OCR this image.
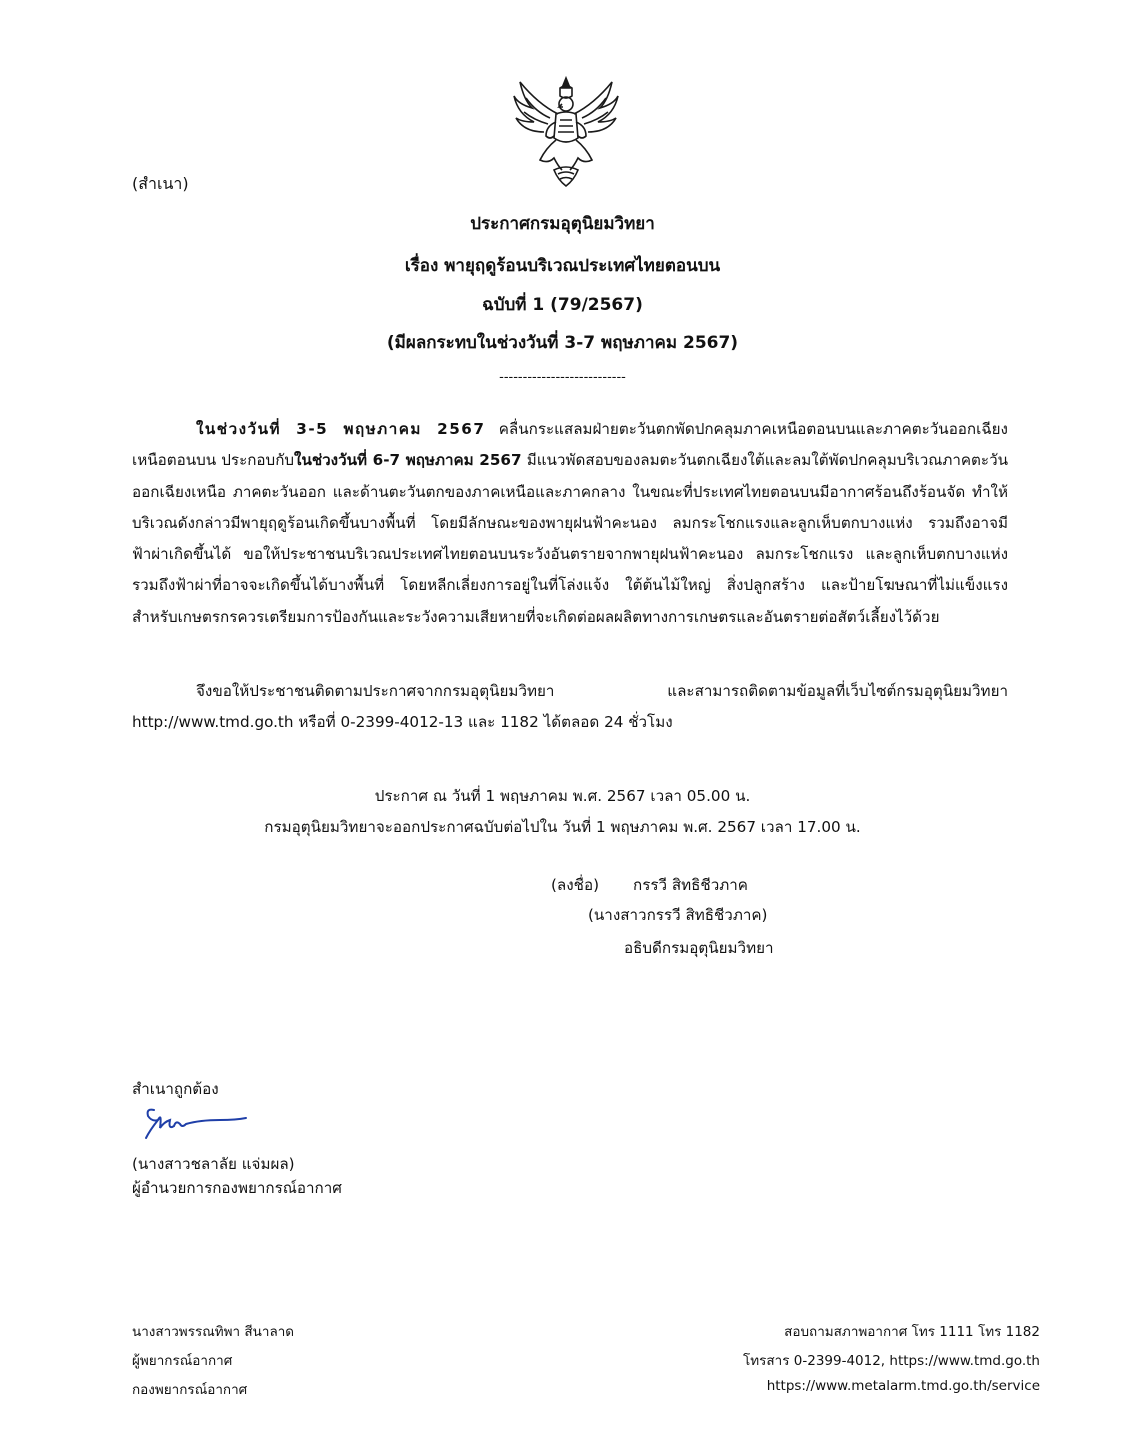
(สำเนา)
ประกาศกรมอุตุนิยมวิทยา
เรื่อง พายุฤดูร้อนบริเวณประเทศไทยตอนบน
ฉบับที่ 1 (79/2567)
(มีผลกระทบในช่วงวันที่ 3-7 พฤษภาคม 2567)
---------------------------
ในช่วงวันที่ 3-5 พฤษภาคม 2567 คลื่นกระแสลมฝ่ายตะวันตกพัดปกคลุมภาคเหนือตอนบนและภาคตะวันออกเฉียงเหนือตอนบน ประกอบกับในช่วงวันที่ 6-7 พฤษภาคม 2567 มีแนวพัดสอบของลมตะวันตกเฉียงใต้และลมใต้พัดปกคลุมบริเวณภาคตะวันออกเฉียงเหนือ ภาคตะวันออก และด้านตะวันตกของภาคเหนือและภาคกลาง ในขณะที่ประเทศไทยตอนบนมีอากาศร้อนถึงร้อนจัด ทำให้บริเวณดังกล่าวมีพายุฤดูร้อนเกิดขึ้นบางพื้นที่ โดยมีลักษณะของพายุฝนฟ้าคะนอง ลมกระโชกแรงและลูกเห็บตกบางแห่ง รวมถึงอาจมีฟ้าผ่าเกิดขึ้นได้ ขอให้ประชาชนบริเวณประเทศไทยตอนบนระวังอันตรายจากพายุฝนฟ้าคะนอง ลมกระโชกแรง และลูกเห็บตกบางแห่ง รวมถึงฟ้าผ่าที่อาจจะเกิดขึ้นได้บางพื้นที่ โดยหลีกเลี่ยงการอยู่ในที่โล่งแจ้ง ใต้ต้นไม้ใหญ่ สิ่งปลูกสร้าง และป้ายโฆษณาที่ไม่แข็งแรง สำหรับเกษตรกรควรเตรียมการป้องกันและระวังความเสียหายที่จะเกิดต่อผลผลิตทางการเกษตรและอันตรายต่อสัตว์เลี้ยงไว้ด้วย
จึงขอให้ประชาชนติดตามประกาศจากกรมอุตุนิยมวิทยา และสามารถติดตามข้อมูลที่เว็บไซต์กรมอุตุนิยมวิทยา http://www.tmd.go.th หรือที่ 0-2399-4012-13 และ 1182 ได้ตลอด 24 ชั่วโมง
ประกาศ ณ วันที่ 1 พฤษภาคม พ.ศ. 2567 เวลา 05.00 น.
กรมอุตุนิยมวิทยาจะออกประกาศฉบับต่อไปใน วันที่ 1 พฤษภาคม พ.ศ. 2567 เวลา 17.00 น.
(ลงชื่อ) กรรวี สิทธิชีวภาค
(นางสาวกรรวี สิทธิชีวภาค)
อธิบดีกรมอุตุนิยมวิทยา
สำเนาถูกต้อง
(นางสาวชลาลัย แจ่มผล)
ผู้อำนวยการกองพยากรณ์อากาศ
นางสาวพรรณทิพา สีนาลาด
ผู้พยากรณ์อากาศ
กองพยากรณ์อากาศ
สอบถามสภาพอากาศ โทร 1111 โทร 1182
โทรสาร 0-2399-4012, https://www.tmd.go.th
https://www.metalarm.tmd.go.th/service
